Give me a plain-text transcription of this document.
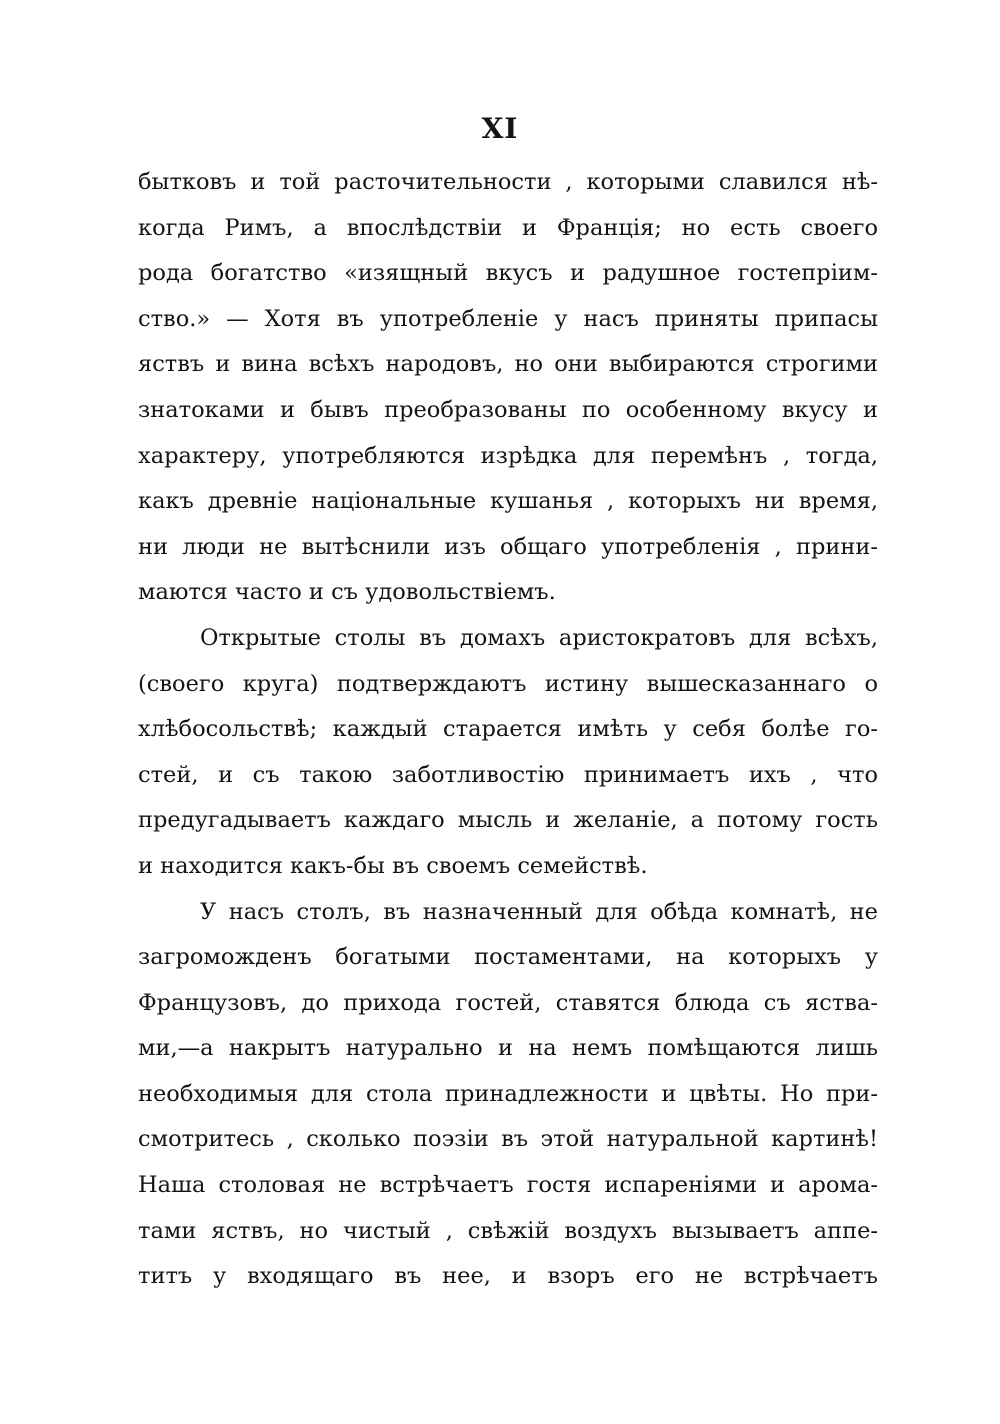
XI
бытковъ и той расточительности , которыми славился нѣ-
когда Римъ, а впослѣдствіи и Франція; но есть своего
рода богатство «изящный вкусъ и радушное гостепріим-
ство.» — Хотя въ употребленіе у насъ приняты припасы
яствъ и вина всѣхъ народовъ, но они выбираются строгими
знатоками и бывъ преобразованы по особенному вкусу и
характеру, употребляются изрѣдка для перемѣнъ , тогда,
какъ древніе національные кушанья , которыхъ ни время,
ни люди не вытѣснили изъ общаго употребленія , прини-
маются часто и съ удовольствіемъ.
Открытые столы въ домахъ аристократовъ для всѣхъ,
(своего круга) подтверждаютъ истину вышесказаннаго о
хлѣбосольствѣ; каждый старается имѣть у себя болѣе го-
стей, и съ такою заботливостію принимаетъ ихъ , что
предугадываетъ каждаго мысль и желаніе, а потому гость
и находится какъ-бы въ своемъ семействѣ.
У насъ столъ, въ назначенный для обѣда комнатѣ, не
загроможденъ богатыми постаментами, на которыхъ у
Французовъ, до прихода гостей, ставятся блюда съ яства-
ми,—а накрытъ натурально и на немъ помѣщаются лишь
необходимыя для стола принадлежности и цвѣты. Но при-
смотритесь , сколько поэзіи въ этой натуральной картинѣ!
Наша столовая не встрѣчаетъ гостя испареніями и арома-
тами яствъ, но чистый , свѣжій воздухъ вызываетъ аппе-
титъ у входящаго въ нее, и взоръ его не встрѣчаетъ
